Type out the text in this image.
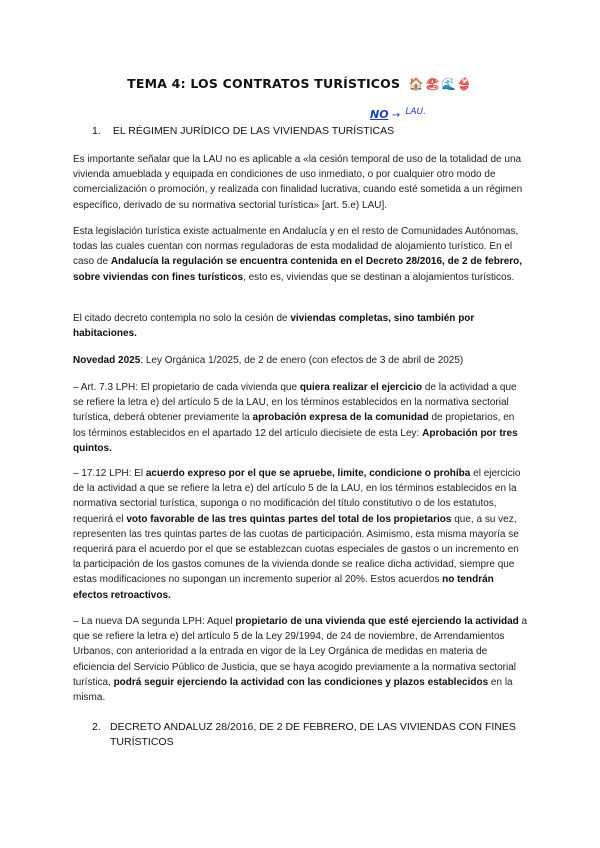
TEMA 4: LOS CONTRATOS TURÍSTICOS 🏠🏖🌊👙
NO → LAU.
1. EL RÉGIMEN JURÍDICO DE LAS VIVIENDAS TURÍSTICAS
Es importante señalar que la LAU no es aplicable a «la cesión temporal de uso de la totalidad de una vivienda amueblada y equipada en condiciones de uso inmediato, o por cualquier otro modo de comercialización o promoción, y realizada con finalidad lucrativa, cuando esté sometida a un régimen específico, derivado de su normativa sectorial turística» [art. 5.e) LAU].
Esta legislación turística existe actualmente en Andalucía y en el resto de Comunidades Autónomas, todas las cuales cuentan con normas reguladoras de esta modalidad de alojamiento turístico. En el caso de Andalucía la regulación se encuentra contenida en el Decreto 28/2016, de 2 de febrero, sobre viviendas con fines turísticos, esto es, viviendas que se destinan a alojamientos turísticos.
El citado decreto contempla no solo la cesión de viviendas completas, sino también por habitaciones.
Novedad 2025: Ley Orgánica 1/2025, de 2 de enero (con efectos de 3 de abril de 2025)
– Art. 7.3 LPH: El propietario de cada vivienda que quiera realizar el ejercicio de la actividad a que se refiere la letra e) del artículo 5 de la LAU, en los términos establecidos en la normativa sectorial turística, deberá obtener previamente la aprobación expresa de la comunidad de propietarios, en los términos establecidos en el apartado 12 del artículo diecisiete de esta Ley: Aprobación por tres quintos.
– 17.12 LPH: El acuerdo expreso por el que se apruebe, limite, condicione o prohíba el ejercicio de la actividad a que se refiere la letra e) del artículo 5 de la LAU, en los términos establecidos en la normativa sectorial turística, suponga o no modificación del título constitutivo o de los estatutos, requerirá el voto favorable de las tres quintas partes del total de los propietarios que, a su vez, representen las tres quintas partes de las cuotas de participación. Asimismo, esta misma mayoría se requerirá para el acuerdo por el que se establezcan cuotas especiales de gastos o un incremento en la participación de los gastos comunes de la vivienda donde se realice dicha actividad, siempre que estas modificaciones no supongan un incremento superior al 20%. Estos acuerdos no tendrán efectos retroactivos.
– La nueva DA segunda LPH: Aquel propietario de una vivienda que esté ejerciendo la actividad a que se refiere la letra e) del artículo 5 de la Ley 29/1994, de 24 de noviembre, de Arrendamientos Urbanos, con anterioridad a la entrada en vigor de la Ley Orgánica de medidas en materia de eficiencia del Servicio Público de Justicia, que se haya acogido previamente a la normativa sectorial turística, podrá seguir ejerciendo la actividad con las condiciones y plazos establecidos en la misma.
2. DECRETO ANDALUZ 28/2016, DE 2 DE FEBRERO, DE LAS VIVIENDAS CON FINES
TURÍSTICOS
